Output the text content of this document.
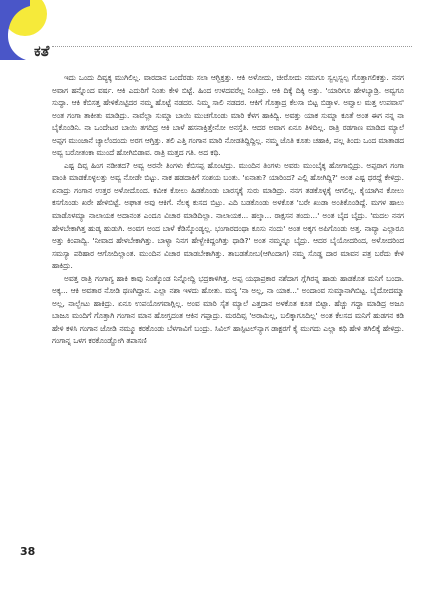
ಕತೆ

ಇದು ಒಂದು ದಿವ್ಯಕ್ಕ ಮುಗಿಲಿಲ್ಲ. ವಾರದಾನ ಒಂದೆರಡು ಸಲಾ ಆಗ್ಬಿಕ್ತತ್ತು. ಆಕಿ ಅಳೋದು, ಚೀರೋದು ನಮಗೂ ಸ್ವಲ್ಪಸ್ವಲ್ಪ ಗೊತ್ತಾಗಲಿಕತ್ತು. ನನಗ ಅವಾಗ ಹನ್ನೊಂದ ವರ್ಷ. ಆಕಿ ಎದುರಿಗೆ ನಿಂತು ಕೇಳಿ ಬಿಟ್ಟೆ. ಹಿಂದ ಉಳದವರೆಲ್ಲ ನಿಂತಿದ್ರು. ಆಕಿ ದಿಕ್ಕೆ ದಿಕ್ಕಿ ಅತ್ತು. 'ಯಾರಿಗೂ ಹೇಳಬ್ಯಾಡ್ರಿ. ಅವ್ವಗೂ ಸುದ್ಧಾ. ಆಕಿ ಕೆಬಿಸತ್ತ ಹೇಳಿಕೊಟ್ಟಿದರ ನಮ್ಮ ಹೊಟ್ಟೆ ನಡದರ. ನಿಮ್ಮ ಸಾಲಿ ನಡದರ. ಆಕಿಗೆ ಗೊತ್ತಾದ್ರ ಕೆಲಸಾ ಬಿಟ್ಟ ಬಿಡ್ತಾಳ. ಅವ್ವಾಲ ಮತ್ತ ಉಪವಾಸ' ಅಂತ ಗಂಗಾ ತಾಕೀತು ಮಾಡಿದ್ರು. ನಾವೆಲ್ಲಾ ಸುಮ್ನಾ ಬಾಯಿ ಮುಚಗೊಂಡು ಮಾರಿ ಕೆಳಗ ಹಾಕಿದ್ವಿ. ಅವತ್ತು ಯಾಕ ಸುಮ್ನಾ ಕೂತೆ ಅಂತ ಈಗ ನನ್ನ ನಾ ಬೈಕೊಂಡಿನಿ. ನಾ ಒಂದೇಟರ ಬಾಯಿ ತಗದಿದ್ರ ಆಕಿ ಬಾಳೆ ಹಸನಾಕ್ತಿತ್ತೇನೋ ಅನಸ್ತೆತಿ. ಆದರ ಅವಾಗ ಏನೂ ತಿಳಿದಿಲ್ಲ. ರಾತ್ರಿ ರಡಗಾಣ ಮಾಡಿದ ಮ್ಯಾಲೆ ಅಪ್ಪಗ ಮುಂಜಾನೆ ಚ್ಯಾಲೆಂದಂದು ಅರಗ ಆಗ್ತಿತ್ತು. ತಲಿ ಎತ್ತಿ ಗಂಗಾನ ಮಾರಿ ನೋಡತಿದ್ದಿದ್ದಿಲ್ಲ. ನಮ್ಮ ಜೊತಿ ಕೂತು ಚಹಾಕಿ, ಪಲ್ಲ ತಿಂದು ಒಂದ ಮಾತಾಡದ ಅವ್ವ ಬರೋತಂಕಾ ಮುಂದೆ ಹೋಗಿಬಿಡಾವ. ರಾತ್ರಿ ಮತ್ತದ ಗತಿ. ಅದ ಕಥಿ.

ಎಷ್ಟ ದಿವ್ಸ ಹಿಂಗ ನಡೀತದ? ಅವ್ವ ಅರನೇ ತಿಂಗಳು ಕೆಬಿಸಪ್ಪ ಹೊಂಟಿದ್ರು. ಮುಂದಿನ ತಿಂಗಳು ಅವರು ಮುಂಬೈಕ್ಕ ಹೋಗಾಬ್ಸಿದ್ರು. ಅಪ್ಪರಾಗ ಗಂಗಾ ವಾಂತಿ ಮಾಡಕೊಳ್ಳಲತ್ತು ಅವ್ವ ನೋಡೇ ಬಿಟ್ಟು. ನಾಕ ಹಡದಾಕಿಗೆ ಸಂಶಯ ಬಂತು. 'ಏನಾತು? ಯಾರಿಂದ? ಎಲ್ಲಿ ಹೋಗಿದ್ದಿ?' ಅಂತ ಎಷ್ಟ ಧರದ್ದೆ ಕೇಳಿದ್ರು. ಏನಾದ್ರು ಗಂಗಾನ ಉತ್ತರ ಅಳೋದೊಂದ. ಕವೀಕ ಕೋಲು ಹಿಡಕೊಂಡು ಬಾರಸ್ಕಕೈ ಸುರು ಮಾಡಿದ್ರು. ನನಗ ತಡಕೊಳ್ಳಕೈ ಆಗಲಿಲ್ಲ. ಕೈಯಾಗಿನ ಕೋಲು ಕಸಗೊಂಡು ಖರೇ ಹೇಳಿಬಿಟ್ಟೆ. ಅಘಾತ ಅವು ಆಕಿಗೆ. ನೆಲಕ್ಕ ಕುಸದ ಬಿಟ್ರು. ಎದಿ ಬಡಕೊಂಡು ಅಳಕೊತ 'ಬರೇ ಖುಡಾ ಅಂತಿಕೊಂಡಿದ್ದೆ. ಮಗಳ ಹಾಲು ಮಾಡೊಳಮ್ಯಾ ನಾಲಾಯಕ ಅದಾನಂತ ಎಂದೂ ವಿಚಾರ ಮಾಡಿದಿಲ್ಲಾ. ನಾಲಾಯಕ... ಹಲ್ಕಾ... ರಾಕ್ಷಸನ ತಂದು...' ಅಂತ ಬೈದ ಬೈದ್ರು. 'ಮದಲ ನನಗ ಹೇಳಬೇಕಾಗಿತ್ತ ಹುಡ್ಕ ಹುಡುಗಿ. ಅಂವಗ ಅಂದ ಬಾಳೆ ಕೆಡಿಸ್ಕೊಂಡ್ಯಲ್ಲ. ಭಂಗಾರದಂಥಾ ಕೂಸು ನಂದು' ಅಂತ ಅಕ್ಕಗ ಅಪಿಗೊಂಡು ಅತ್ತ. ನಾವ್ಯಾ ಎಲ್ಲಾರೂ ಅತ್ತು ಕಿಂಪಾದ್ವಿ. 'ನೀವಾದ ಹೇಳಬೇಕಾಗಿತ್ತು. ಬಾಳ್ಯಾ ನಿನಗ ಹೇಳ್ಬೇಕಿದ್ದಂಗಿತ್ತು ಧಾಡಿ?' ಅಂತ ನಮ್ಮನ್ನೂ ಬೈದ್ರು. ಆದರ ಬೈಯೋದರಿಂದ, ಅಳೋದರಿಂದ ಸಮಸ್ಯಾ ಪರಿಹಾರ ಆಗೋದಿಲ್ಲಾಂತ. ಮುಂದಿನ ವಿಚಾರ ಮಾಡಬೇಕಾಗಿತ್ತು. ತಾಬಡತೋಬ(ಆಗಿಂದಾಗ) ನಮ್ಮ ಸೊಡ್ಡ ದಾರ ಮಾವನ ಪತ್ರ ಬರೆದು ಕೇಳಿ ಹಾಕಿದ್ರು.

ಅವತ್ತ ರಾತ್ರಿ ಗಂಗಾಗ್ಯ ಹಾಕಿ ಕಾವು ನಿಂತ್ಕೊಂಡ ನಿನ್ನೋದ್ದಿ ಭದ್ರಕಾಳಿಗಿತ್ತ. ಅಪ್ಪ ಯಥಾಪ್ರಕಾರ ನಶೆದಾಗ ಗ್ಲೆಗಿರನ್ನ ಹಾಡು ಹಾಡಕೊತ ಮನಿಗೆ ಬಂದಾ. ಅಕ್ಕ... ಆಕಿ ಅವತಾರ ನೋಡಿ ಥಣಗಿದ್ದಾನ. ಎಲ್ಲಾ ನಶಾ ಇಳದು ಹೋತು. ಮನ್ಯ 'ನಾ ಅಲ್ಲ, ನಾ ಯಾಕ...' ಅಂದಾಂವ ಸುಮ್ಕಾನಾಗಿಬಿಟ್ಟ. ಬೈದೋದಮ್ಮಾ ಅಲ್ಲ, ನಾಲ್ಬೇಟು ಹಾಕಿದ್ರು. ಏನೂ ಉಪಯೋಗವಾಗ್ಲಿಲ್ಲ. ಅಂವ ಮಾರಿ ಸೈತ ಮ್ಯಾಲೆ ಎತ್ತದಾನ ಅಳಕೊತ ಕೂತ ಬಿಟ್ಟಾ. ಹೆಚ್ಚು ಗದ್ದಾ ಮಾಡಿದ್ರ ಅಜೂ ಬಾಜೂ ಮಂದಿಗೆ ಗೊತ್ತಾಗಿ ಗಂಗಾನ ಮಾನ ಹೋಗ್ತದಂತ ಆಕಿನ ಗಪ್ಪಾದ್ರು. ಮರದಿವ್ಸ 'ಅರಾಮಿಲ್ಲ, ಬಲಿಕ್ಕಾಗೂದಿಲ್ಲ' ಅಂತ ಕೆಲಸದ ಮನಿಗೆ ಹುಡಗನ ಕಡಿ ಹೇಳಿ ಕಳಿಸಿ ಗಂಗಾನ ಜೋಡಿ ನಮ್ಮೂ ಕರಕೊಂಡು ಬೆಳಗಾವಿಗೆ ಬಂದ್ರು. ಸಿವಿಲ್ ಹಾಸ್ಪಿಟಲ್‌ನ್ಯಾಗ ಡಾಕ್ಟರಗೆ ಕೈ ಮುಗದು ಎಲ್ಲಾ ಕಥಿ ಹೇಳಿ ತಗಿಲಿಕ್ಕೆ ಹೇಳಿದ್ರು. ಗಂಗಾನ್ನ ಒಳಗ ಕರಕೊಂಡ್ಹೋಗಿ ತಪಾಸಣಿ

38
